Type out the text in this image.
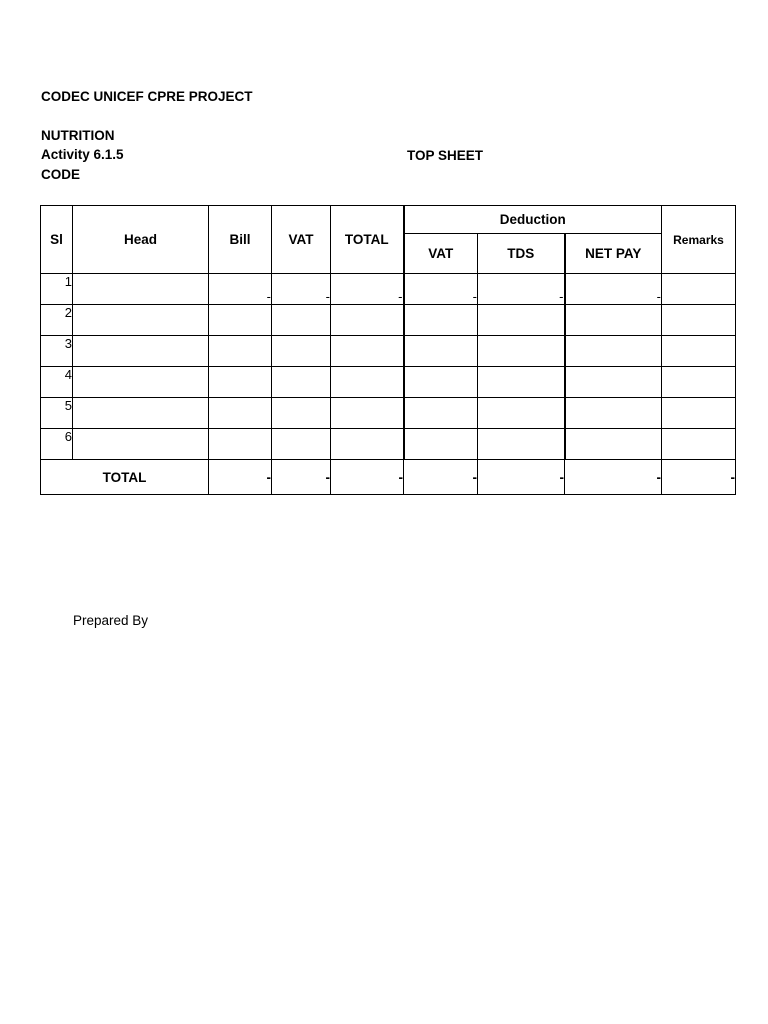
CODEC UNICEF CPRE PROJECT
NUTRITION
Activity 6.1.5
CODE
TOP SHEET
Sl	Head	Bill	VAT	TOTAL	Deduction			Remarks
					VAT	TDS	NET PAY	
1		-	-	-	-	-	-	
2								
3								
4								
5								
6								
TOTAL		-	-	-	-	-	-	-
Prepared By
